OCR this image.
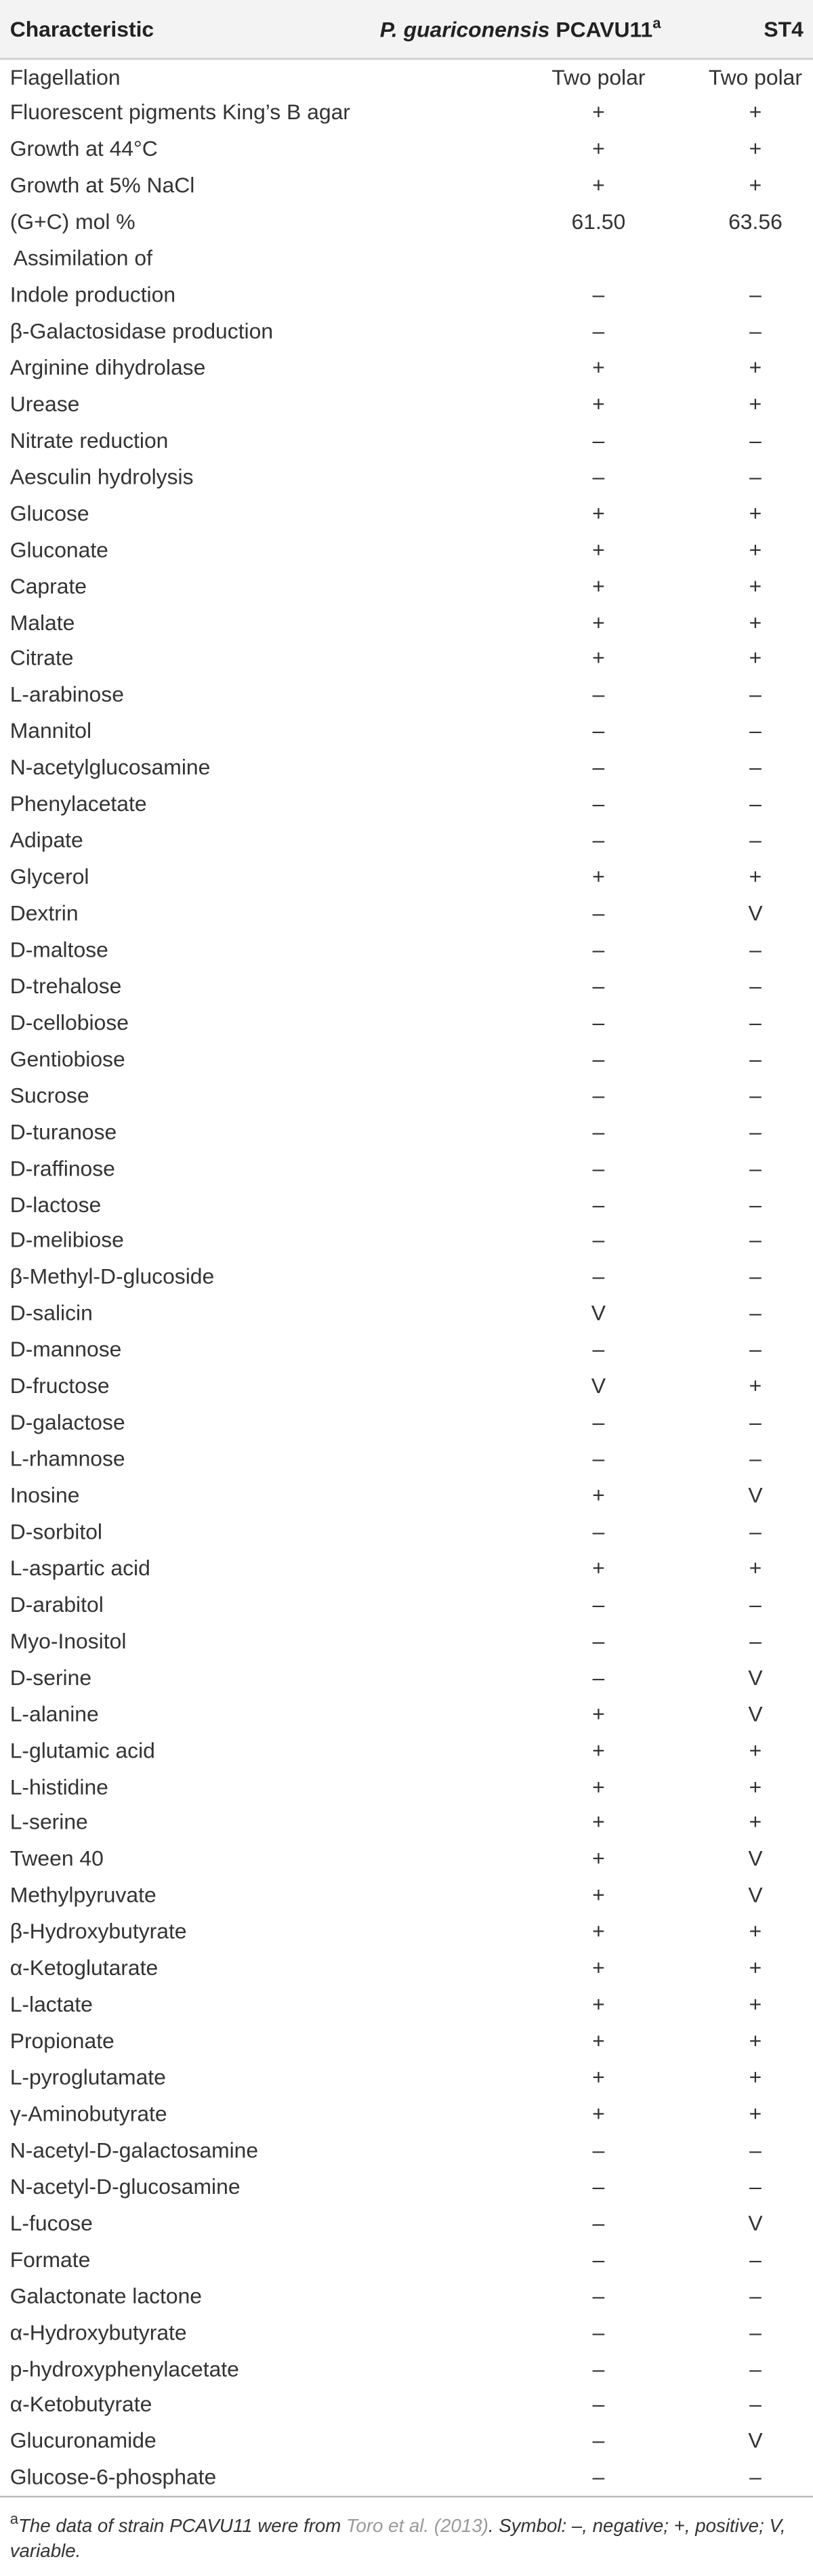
Characteristic	P. guariconensis PCAVU11$^a$	ST4
Flagellation	Two polar	Two polar
Fluorescent pigments King’s B agar	+	+
Growth at 44°C	+	+
Growth at 5% NaCl	+	+
(G+C) mol %	61.50	63.56
Assimilation of		
Indole production	–	–
β-Galactosidase production	–	–
Arginine dihydrolase	+	+
Urease	+	+
Nitrate reduction	–	–
Aesculin hydrolysis	–	–
Glucose	+	+
Gluconate	+	+
Caprate	+	+
Malate	+	+
Citrate	+	+
L-arabinose	–	–
Mannitol	–	–
N-acetylglucosamine	–	–
Phenylacetate	–	–
Adipate	–	–
Glycerol	+	+
Dextrin	–	V
D-maltose	–	–
D-trehalose	–	–
D-cellobiose	–	–
Gentiobiose	–	–
Sucrose	–	–
D-turanose	–	–
D-raffinose	–	–
D-lactose	–	–
D-melibiose	–	–
β-Methyl-D-glucoside	–	–
D-salicin	V	–
D-mannose	–	–
D-fructose	V	+
D-galactose	–	–
L-rhamnose	–	–
Inosine	+	V
D-sorbitol	–	–
L-aspartic acid	+	+
D-arabitol	–	–
Myo-Inositol	–	–
D-serine	–	V
L-alanine	+	V
L-glutamic acid	+	+
L-histidine	+	+
L-serine	+	+
Tween 40	+	V
Methylpyruvate	+	V
β-Hydroxybutyrate	+	+
α-Ketoglutarate	+	+
L-lactate	+	+
Propionate	+	+
L-pyroglutamate	+	+
γ-Aminobutyrate	+	+
N-acetyl-D-galactosamine	–	–
N-acetyl-D-glucosamine	–	–
L-fucose	–	V
Formate	–	–
Galactonate lactone	–	–
α-Hydroxybutyrate	–	–
p-hydroxyphenylacetate	–	–
α-Ketobutyrate	–	–
Glucuronamide	–	V
Glucose-6-phosphate	–	–
$^a$The data of strain PCAVU11 were from Toro et al. (2013). Symbol: –, negative; +, positive; V, variable.
